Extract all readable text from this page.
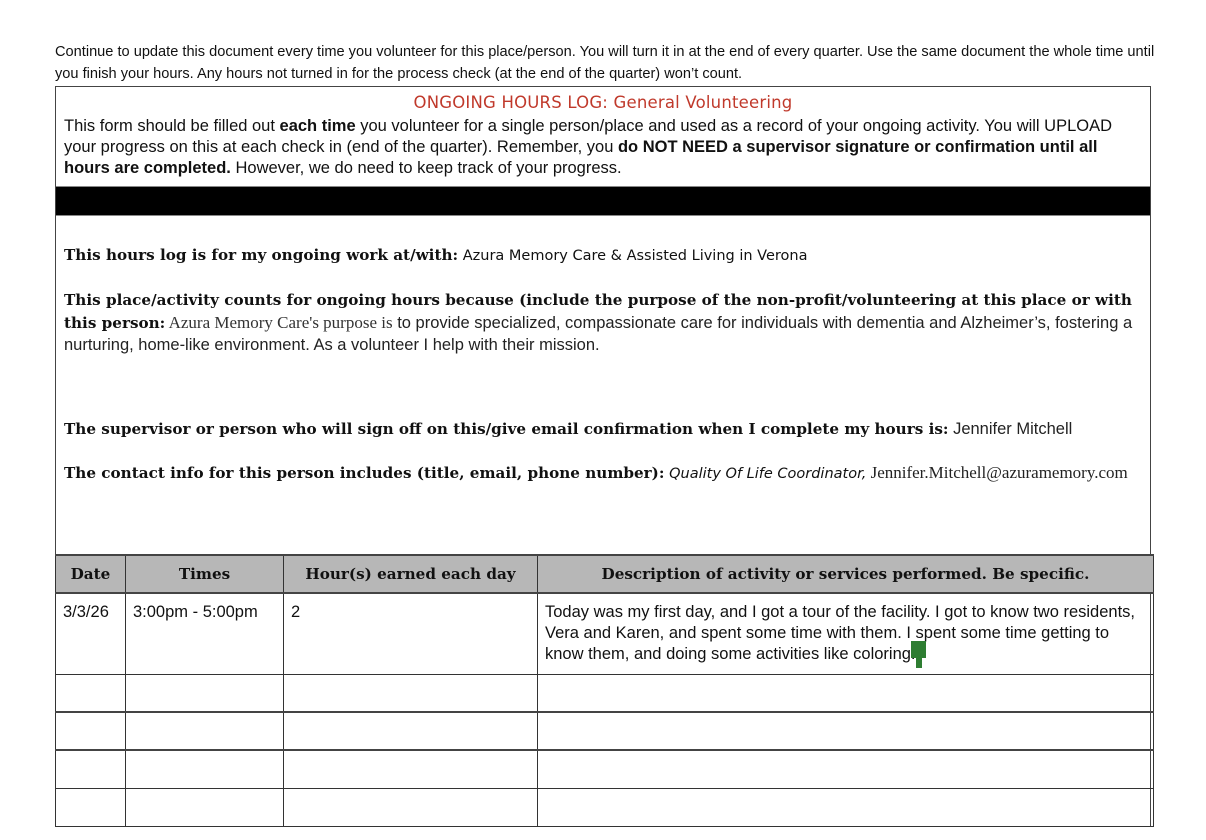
Continue to update this document every time you volunteer for this place/person. You will turn it in at the end of every quarter. Use the same document the whole time until you finish your hours. Any hours not turned in for the process check (at the end of the quarter) won’t count.
ONGOING HOURS LOG: General Volunteering
This form should be filled out each time you volunteer for a single person/place and used as a record of your ongoing activity. You will UPLOAD your progress on this at each check in (end of the quarter). Remember, you do NOT NEED a supervisor signature or confirmation until all hours are completed. However, we do need to keep track of your progress.
This hours log is for my ongoing work at/with: Azura Memory Care & Assisted Living in Verona
This place/activity counts for ongoing hours because (include the purpose of the non-profit/volunteering at this place or with this person: Azura Memory Care's purpose is to provide specialized, compassionate care for individuals with dementia and Alzheimer’s, fostering a nurturing, home-like environment. As a volunteer I help with their mission.
The supervisor or person who will sign off on this/give email confirmation when I complete my hours is: Jennifer Mitchell
The contact info for this person includes (title, email, phone number): Quality Of Life Coordinator, Jennifer.Mitchell@azuramemory.com
Date	Times	Hour(s) earned each day	Description of activity or services performed. Be specific.
3/3/26	3:00pm - 5:00pm	2	Today was my first day, and I got a tour of the facility. I got to know two residents, Vera and Karen, and spent some time with them. I spent some time getting to know them, and doing some activities like coloring.
